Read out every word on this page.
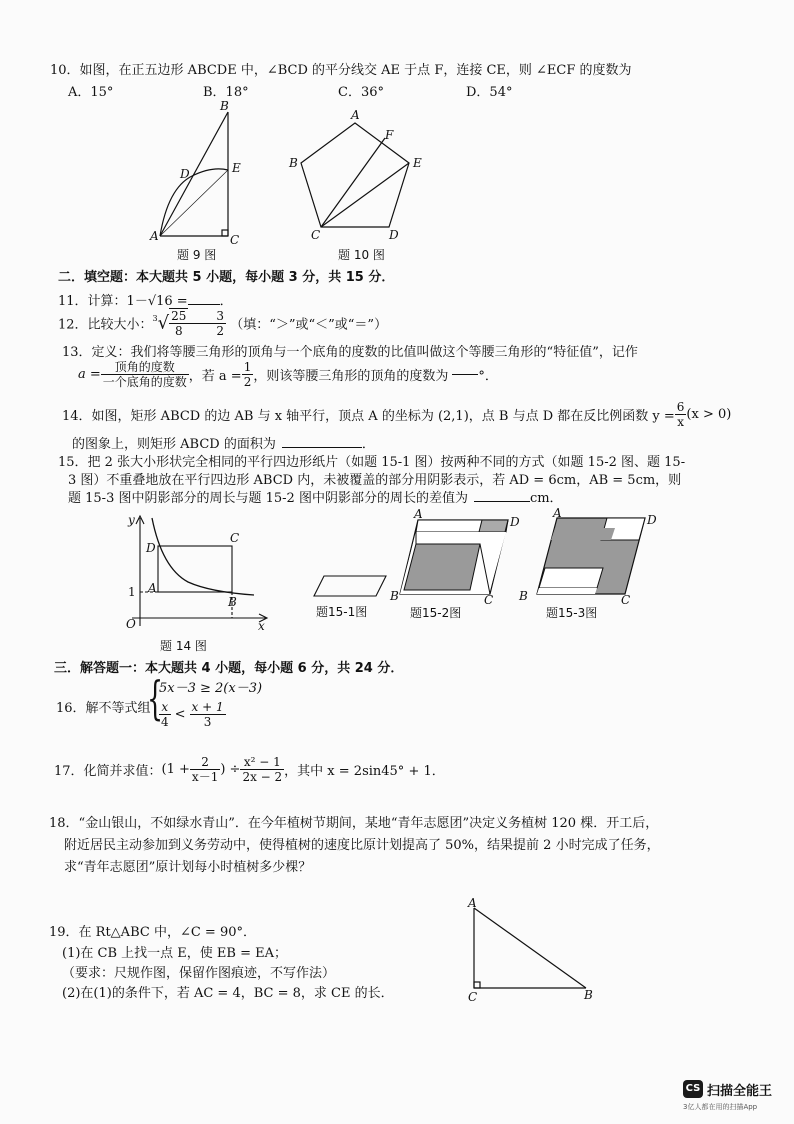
10．如图，在正五边形 ABCDE 中，∠BCD 的平分线交 AE 于点 F，连接 CE，则 ∠ECF 的度数为
A．15°	B．18°	C．36°	D．54°
B
E
D
A	C
题 9 图
A
F
B	E
C	D
题 10 图
二．填空题：本大题共 5 小题，每小题 3 分，共 15 分．
11．计算：1－√16 = ．
12．比较大小：$^3√ \frac{25}{8} \frac{3}{2}$ （填：“＞”或“＜”或“＝”）
13．定义：我们将等腰三角形的顶角与一个底角的度数的比值叫做这个等腰三角形的“特征值”，记作
$a = \frac{\text{顶角的度数}}{\text{一个底角的度数}}$ ，若 $a = \frac{1}{2}$ ，则该等腰三角形的顶角的度数为 °．
14．如图，矩形 ABCD 的边 AB 与 x 轴平行，顶点 A 的坐标为 (2,1)，点 B 与点 D 都在反比例函数 $y = \frac{6}{x} (x > 0)$
的图象上，则矩形 ABCD 的面积为	．
15．把 2 张大小形状完全相同的平行四边形纸片（如题 15-1 图）按两种不同的方式（如题 15-2 图、题 15-
3 图）不重叠地放在平行四边形 ABCD 内，未被覆盖的部分用阴影表示，若 AD = 6cm，AB = 5cm，则
题 15-3 图中阴影部分的周长与题 15-2 图中阴影部分的周长的差值为	cm．
y
D
C
1 A
B
O	x
题 14 图
题15-1图
A
D
B	C
题15-2图
A	D
B	C
题15-3图
三．解答题一：本大题共 4 小题，每小题 6 分，共 24 分．
16．解不等式组
{
5x－3 ≥ 2(x－3)
$\frac{x}{4} < \frac{x + 1}{3}$
17．化简并求值：($1 + \frac{2}{x-1}$ ) ÷ $\frac{\text{x² − 1}}{2x - 2}$ ，其中 x = 2sin45° + 1．
18．“金山银山，不如绿水青山”．在今年植树节期间，某地“青年志愿团”决定义务植树 120 棵．开工后，
附近居民主动参加到义务劳动中，使得植树的速度比原计划提高了 50%，结果提前 2 小时完成了任务，
求“青年志愿团”原计划每小时植树多少棵？
19．在 Rt△ABC 中，∠C = 90°．
(1)在 CB 上找一点 E，使 EB = EA；
（要求：尺规作图，保留作图痕迹，不写作法）
(2)在(1)的条件下，若 AC = 4，BC = 8，求 CE 的长．
A
C	B
CS 扫描全能王
3亿人都在用的扫描App
